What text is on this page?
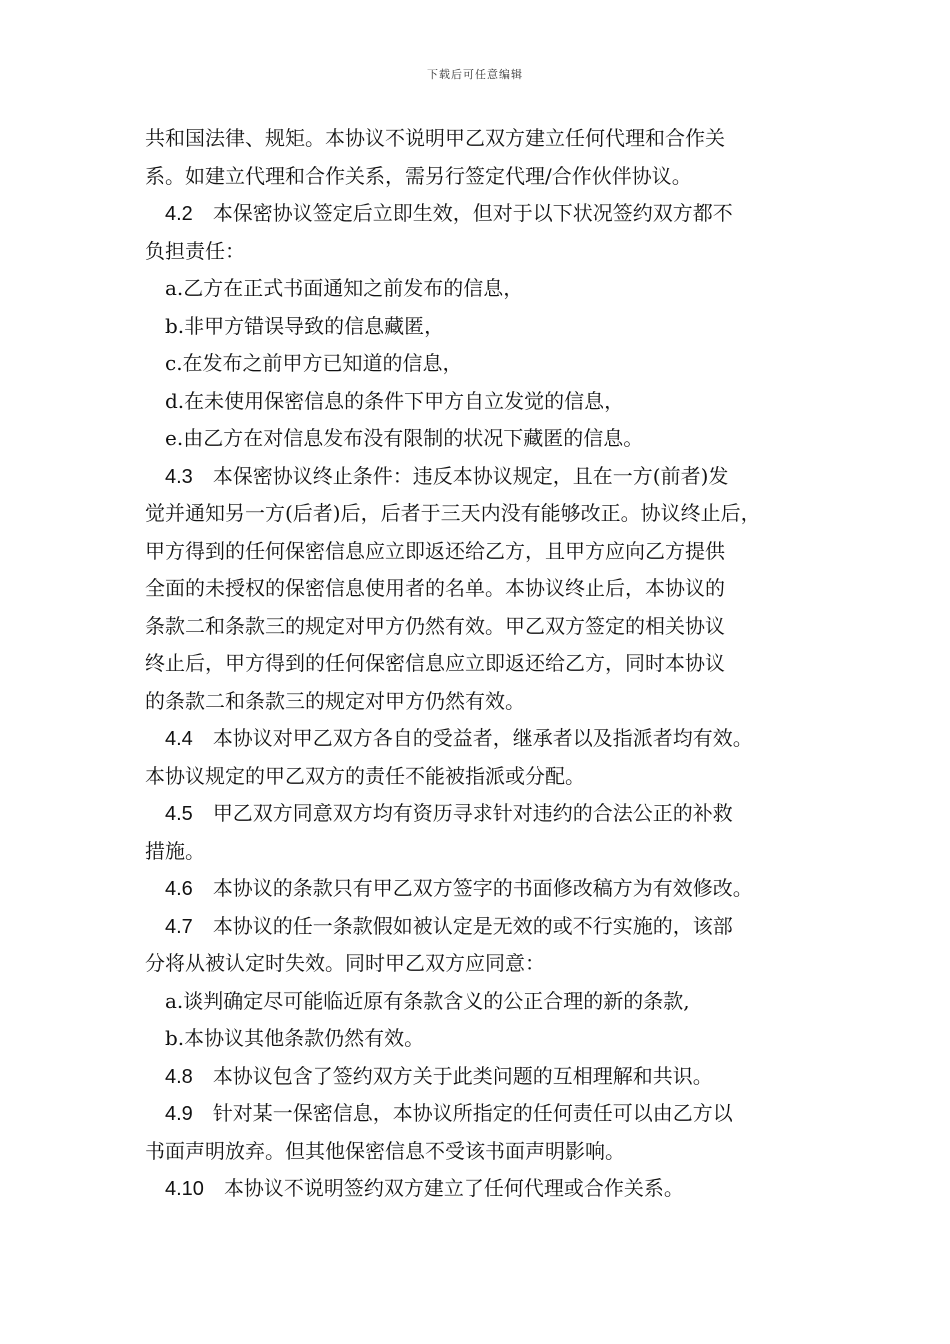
下载后可任意编辑
共和国法律、规矩。本协议不说明甲乙双方建立任何代理和合作关
系。如建立代理和合作关系，需另行签定代理/合作伙伴协议。
4.2 本保密协议签定后立即生效，但对于以下状况签约双方都不
负担责任：
a.乙方在正式书面通知之前发布的信息，
b.非甲方错误导致的信息藏匿，
c.在发布之前甲方已知道的信息，
d.在未使用保密信息的条件下甲方自立发觉的信息，
e.由乙方在对信息发布没有限制的状况下藏匿的信息。
4.3 本保密协议终止条件：违反本协议规定，且在一方(前者)发
觉并通知另一方(后者)后，后者于三天内没有能够改正。协议终止后，
甲方得到的任何保密信息应立即返还给乙方，且甲方应向乙方提供
全面的未授权的保密信息使用者的名单。本协议终止后，本协议的
条款二和条款三的规定对甲方仍然有效。甲乙双方签定的相关协议
终止后，甲方得到的任何保密信息应立即返还给乙方，同时本协议
的条款二和条款三的规定对甲方仍然有效。
4.4 本协议对甲乙双方各自的受益者，继承者以及指派者均有效。
本协议规定的甲乙双方的责任不能被指派或分配。
4.5 甲乙双方同意双方均有资历寻求针对违约的合法公正的补救
措施。
4.6 本协议的条款只有甲乙双方签字的书面修改稿方为有效修改。
4.7 本协议的任一条款假如被认定是无效的或不行实施的，该部
分将从被认定时失效。同时甲乙双方应同意：
a.谈判确定尽可能临近原有条款含义的公正合理的新的条款,
b.本协议其他条款仍然有效。
4.8 本协议包含了签约双方关于此类问题的互相理解和共识。
4.9 针对某一保密信息，本协议所指定的任何责任可以由乙方以
书面声明放弃。但其他保密信息不受该书面声明影响。
4.10 本协议不说明签约双方建立了任何代理或合作关系。
